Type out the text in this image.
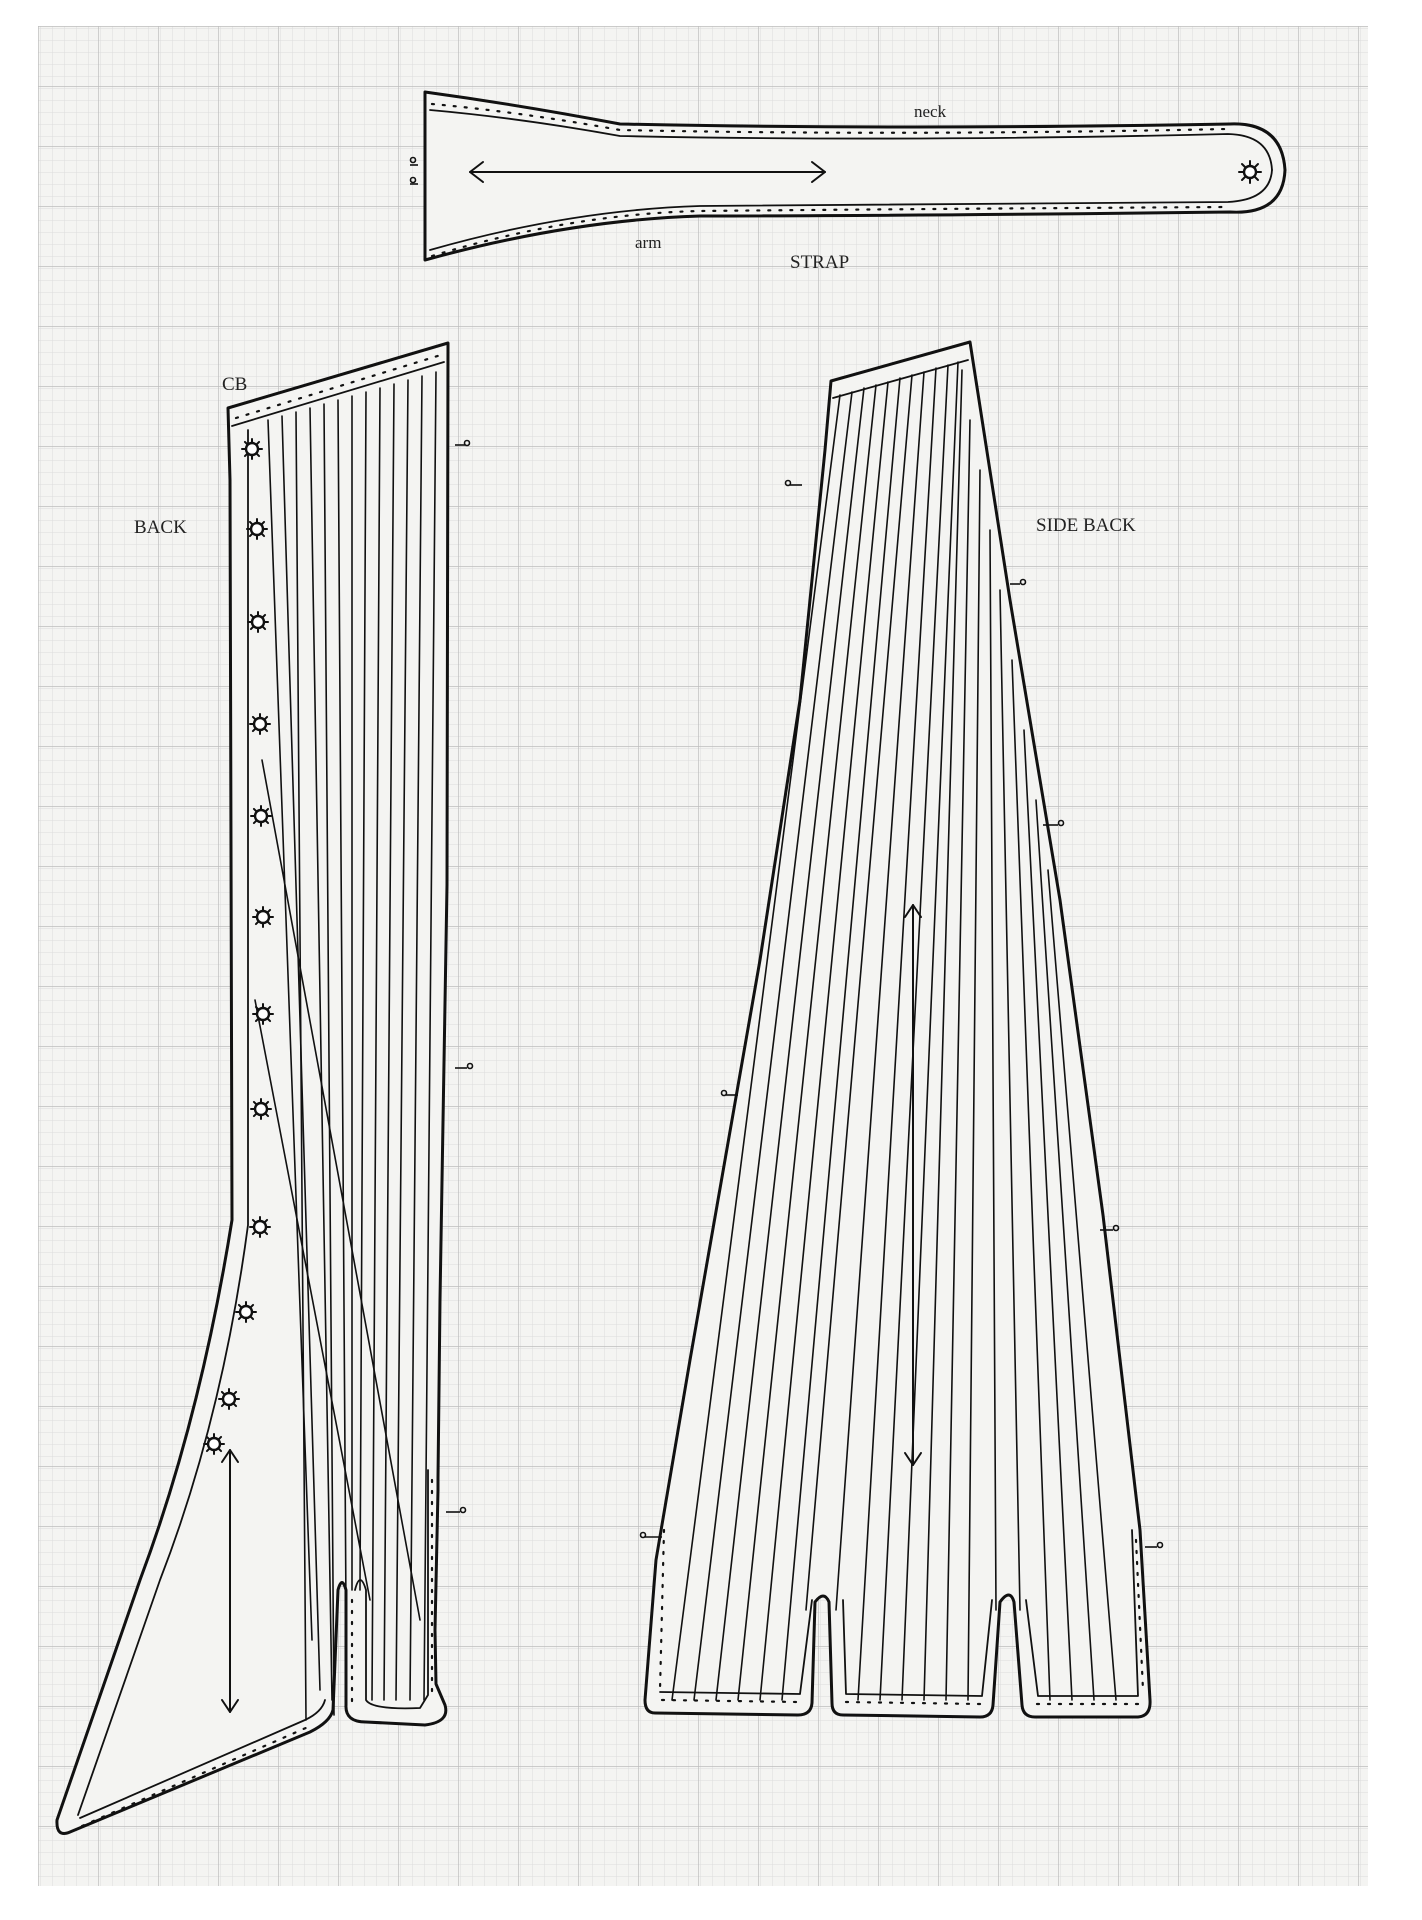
neck
arm
STRAP
CB
BACK	SIDE BACK
